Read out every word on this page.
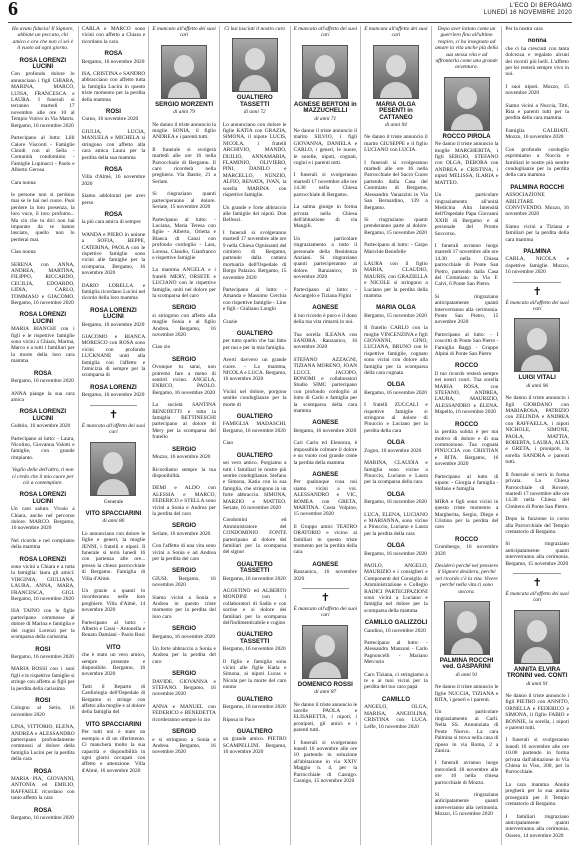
6	L'ECO DI BERGAMO
LUNEDÌ 16 NOVEMBRE 2020
Ho avuto fiducia! Il Signore, abbiate un peccato, chi amico e ora che non ci sei è il vuoto ad ogni giorno.
ROSA LORENZI LUCINI
Con profondo dolore lo annunciano i figli CHIARA, MARINA, MARCO, LUISA, FRANCESCA e LAURA. I funerali si terranno martedì 17 novembre alle ore 10 al Tempio Votivo in Via Matris. Bergamo, 16 novembre 2020
Partecipano al lutto: Lilli Calore Visconti - Famiglie Chiodi con al Sella - Comunità condominio - Famiglie Lupinacci - Paolo e Alberto Gerosa
Cara nonna
le persone non si perdono mai se le hai nel cuore. Puoi perdere la loro presenza, la loro voce, il loro profumo... Ma ciò che tu dici non hai imparato da te hanno lasciato, quello non lo perderai mai.
Ciao nonna
SERENA con ANNA, ANDREA, MARTINA, FILIPPO, RICCARDO, CECILIA, EDOARDO, LIDIA, CARLO, TOMMASO e GIACOMO. Bergamo, 16 novembre 2020
ROSA LORENZI LUCINI
MARIA BIANCHI con i figli e le rispettive famiglie sono vicini a Chiara, Marina, Marco e a tutti i familiari per la morte della loro cara mamma
ROSA
Bergamo, 16 novembre 2020
ANNA piange la sua cara amica
ROSA LORENZI LUCINI
Gubbio, 16 novembre 2020
Partecipano al lutto: - Laura, Nicolino, Giovanna Valotti e famiglie, con grande rimpianto.
Voglio delle dell'altro, ti non ci credo che il mio cuore per ciò a contemplare.
ROSA LORENZI LUCINI
Un caro saluto. Vivaio a Chiara, anche nel percorso dolore. MARCO. Bergamo, 16 novembre 2020
Nel ricordo e nel compianto della mamma
ROSA LORENZI
sono vicini a Chiara e a tutta la famiglia: laura gli amici: VIRGINIA, GIULIANA, LAURA, ANNA, MARA, FRANCESCA, GIGI. Bergamo, 16 novembre 2020
ISA TAINO con le figlie partecipano commosse al dolore di Marina e famiglia e dei cugini Lorenzi per la scomparsa della carissima
ROSI
Bergamo, 16 novembre 2020
MARIA ROSSI con i suoi figli e le rispettive famiglie si stringe con affetto ai figli per la perdita della carissima
ROSI
Cologno al Serio, 16 novembre 2020
LINA, VITTORIO, ELENA, ANDREA e ALESSANDRO partecipano profondamente commossi al dolore della famiglia Lucini per la perdita della cara
ROSA
MARIA PIA, GIOVANNI, ANTONIA ed EMILIO, RAFFAELE ricordano con tanto affetto la cara
ROSA
Bergamo, 16 novembre 2020
CARLA e MARCO sono vicini con affetto a Chiara e ricordano la cara
ROSA
Bergamo, 16 novembre 2020
ISA, CRISTINA e SANDRO abbracciano con affetto tutta la famiglia Lucini in questo triste momento per la perdita della mamma
ROSI
Curno, 16 novembre 2020
GIULIA, LUCIA, MANUELA e MICHELA si stringono con affetto alla cara amica Laura per la perdita della sua mamma
ROSA
Villa d'Almè, 16 novembre 2020
Siamo addolorati per aver perso
ROSA
la più cara amica di sempre
WANDA e PIERO in unione a SOFIA, BEPPE, CATERINA, PAOLA con le rispettive famiglie sono vicini alle famiglie per la scomparsa. Bergamo, 16 novembre 2020
DARIO LORELLA e famiglia ricordano Lucini nel ricordo della loro mamma
ROSA LORENZI LUCINI
Bergamo, 16 novembre 2020
GIACOMO e BIANCA MORESCO con ROSA sono vicini con profondo LUCKNANE uniti alla famiglia con l'affetto e l'amicizia di sempre per la scomparsa di
ROSA LORENZI
Bergamo, 16 novembre 2020
✝
È mancato all'affetto dei suoi cari
Generale
VITO SPACCIARINI
di anni 80
Lo annunciano con dolore le figlie e generi, la moglie JENNI, i fratelli e nipoti. Il funerale si terrà lunedì 16 con partenza alle ore... presso la chiesa parrocchiale di Bergamo. Famiglia di Villa d'Almè.
Un grazie a quanti lo ricorderanno nelle loro preghiere. Villa d'Almè, 14 novembre 2020
Partecipano al lutto: - Alberto e Cassi - Antonella e Renato Damiani - Paolo Bosi
VITO
che è stato un vero amico, sempre presente e disponibile. Bergamo, 16 novembre 2020
Tutti il Reparto di Cardiologia dell'Ospedale di Bergamo si stringe con affetto alla moglie e al dolore della famiglia del
VITO SPACCIARINI
Per tutti noi è stato un esempio e di un riferimento. Ci mancherà molto la sua capacità e disponibilità in ogni giorni occupati con affetto e attenzione. Villa d'Almè, 16 novembre 2020
È mancato all'affetto dei suoi cari
SERGIO MORZENTI
di anni 79
Ne danno il triste annuncio la moglie SONIA, il figlio ANDREA e i parenti tutti.
Il funerale si svolgerà martedì alle ore 16 nella Parrocchiale di Bergamo. Il caro ricorderà nella preghiera. Via Bastie, 21 a Seriate.
Si ringraziano quanti parteciperanno al dolore. Seriate, 15 novembre 2020
Partecipano al lutto: - Luciana, Maria Teresa con figlie - Alberto, Orietta e Blanca di Canzi con profondo cordoglio - Lara, Lorena, Claudio, Gianfranco e rispettive famiglie
La mamma ANGELA e i fratelli MERY, ORSETE e LUCIANO con le rispettive famiglie, uniti nel dolore per la scomparsa del caro
SERGIO
si stringono con affetto alla moglie Sonia e al figlio Andrea. Bergamo, 16 novembre 2020
Ciao zio
SERGIO
Ovunque tu sarai, non potremo fare a meno di sentirti vicino. ANGELA, ENRICO, PAOLO. Bergamo, 16 novembre 2020
La società SANTINA BENEDETTI e tutta la famiglia BETTINESCHI partecipano al dolore di Mery per la scomparsa del fratello
SERGIO
Mozzo, 16 novembre 2020
Ricordiamo sempre la tua disponibilità.
DEMI e ALDO con ALESSIA e MARCO, FEDERICO e STELLA sono vicini a Sonia e Andrea per la perdita del caro
SERGIO
Seriate, 16 novembre 2020
Con l'affetto di una vita sono vicini a Sonia e ad Andrea per la perdita del caro
SERGIO
GIUSI. Bergamo, 16 novembre 2020
Siamo vicini a Sonia e Andrea in questo triste momento per la perdita del loro caro
SERGIO
Bergamo, 16 novembre 2020
Un forte abbraccio a Sonia e Andrea per la perdita del caro
SERGIO
DAVIDE, GIOVANNA e STEFANO. Bergamo, 16 novembre 2020
ANNA e MANUEL con FEDERICO e BENEDETTA ricorderanno sempre lo zio
SERGIO
e si stringono a Sonia e Andrea. Bergamo, 16 novembre 2020
Ci hai lasciati il nostro caro
GUALTIERO TASSETTI
di anni 72
Lo annunciano con dolore le figlie KATIA con GRAZIA, SIMONA, il nipote LUCIS, NICOLA, i fratelli ARCHIVIO, MANDO, DUILIO, ANNAMARIA, FLAMINIO, OLIVIERO, PINI, DANILO e MARCELLO, NUNZIO, ALFIO, RENATA, IVAN, la sorella MARINA con rispettive famiglie.
Un grande e forte abbraccio alle famiglie dei nipoti. Don Bellusci.
I funerali si svolgeranno martedì 17 novembre alle ore 9 nella Chiesa Ognissanti del cimitero di Bergamo, partendo dalla camera mortuaria dell'Ospedale di Borgo Palazzo. Bergamo, 15 novembre 2020
Partecipano al lutto: - Amanda e Massimo Cerchia con rispettive famiglie - Lino e figli - Giuliano Longhi
Grazie
GUALTIERO
per tutto quello che hai fatto per noi e per la mia famiglia.
Averti davvero un grande cuore. - La mamma, NICOLA e LUCA. Bergamo, 16 novembre 2020
Vicini nel dolore, porgono sentite condoglianze per la morte di
GUALTIERO
FAMIGLIA MADASCHI. Bergamo, 16 novembre 2020
Ciao
GUALTIERO
sei vero amico. Porgiamo a tutti i familiari le nostre più sentite condoglianze. Stefano e Simona, Katia con la sua famiglia, che stringono in un forte abbraccio. SIMONA, MARZIO e MATTEO. Seriate, 16 novembre 2020
Condomini ed Amministratore del CONDOMINIO FONTE partecipano al dolore dei familiari per la scomparsa del signor
GUALTIERO TASSETTI
Bergamo, 16 novembre 2020
AGOSTINO ed ALBERTO MONDINI con i collaboratori di Sadin e con sorrise e si dolore dei familiari per la scomparsa dell'indimenticabile e cugino
GUALTIERO TASSETTI
Bergamo, 16 novembre 2020
Il figlio e famiglia sono vicini alle figlie Katia e Simona, ai nipoti Lucas e Nicola per la morte del caro nonno
GUALTIERO
Bergamo, 16 novembre 2020
Riposa in Pace
GUALTIERO
un grande amico. PIETRO SCAMPELLINI. Bergamo, 16 novembre 2020
È mancata all'affetto dei suoi cari
AGNESE BERTONI in MAZZUCHELLI
di anni 71
Ne danno il triste annuncio il marito SILVIO, i figli GIOVANNA, DANIELA e CARLO, i generi, le nuore, le sorelle, nipoti, cognati, cugini e i parenti tutti.
I funerali si svolgeranno martedì 17 novembre alle ore 14.30 nella Chiesa parrocchiale di Bergamo.
La salma giunge in forma privata nella Chiesa dell'abitazione di via Mangili.
Un particolare ringraziamento a tutto il personale della Residenza Anziani. Si ringraziano quanti parteciperanno al dolore. Ranzanico, 16 novembre 2020
Partecipano al lutto: - Arcangelo e Tiziana Figini
AGNESE
il tuo ricordo è puro e il dono della tua vita rimarrà in noi.
Tua sorella ILEANA con SANDRA. Ranzanico, 16 novembre 2020
STEFANO AZZAGNI, TIZIANA MORENO, JOAN LUCCI, JACOPO, BONOMI e collaboratori Studio SIMC partecipano con profondo cordoglio al lutto di Carlo e famiglia per la scomparsa della cara mamma
AGNESE
Bergamo, 16 novembre 2020
Cari Carlo ed Eleonora, è impossibile colmare il dolore e un vuoto così grande come la perdita della mamma
AGNESE
Per qualunque cosa noi siamo vicini a voi. ALESSANDRO e VIC, ROMEA con GRETA, MARTINA. Costa Volpino, 15 novembre 2020
Il Gruppo amici TEATRO ORATORIO e vicino ai familiari in questo triste momento per la perdita della cara
AGNESE
Ranzanico, 16 novembre 2020
✝
È mancato all'affetto dei suoi cari
DOMENICO ROSSI
di anni 87
Ne danno il triste annuncio le sorelle PAOLA e ELISABETTA, i nipoti, i pronipoti, gli amici e i parenti tutti.
I funerali si svolgeranno lunedì 16 novembre alle ore 10 partendo in soluzione all'abitazione in via XXIV Maggio n. 4, per la Parrocchiale di Casnigo. Casnigo, 15 novembre 2020
È mancata all'affetto dei suoi cari
MARIA OLGA PESENTI in CATTANEO
di anni 94
Ne danno il triste annuncio il marito GIUSEPPE e il figlio LUCIANO con LUCIA.
I funerali si svolgeranno martedì alle ore 16 nella Parrocchiale del Sacro Cuore partendo dalla Casa del Commiato di Bergamo, Alessandro Vanazzini in Via San Bernardino, 139 a Bergamo.
Si ringraziano quanti prenderanno parte al dolore. Bergamo, 15 novembre 2020
Partecipano al lutto: - Carpo Maricide Bennfelle
LAURA con il figlio MARIA, CLAUDIO, MAURIS, con GRAZIELLA e NICOLE si stringono a Luciano per la perdita della mamma
MARIA OLGA
Bergamo, 15 novembre 2020
Il fratello CARLO con la moglie VINCENZINA e figli GIOVANNI, GINO, LUCIANA, BRUNO con le rispettive famiglie, cognato sono vicini con dolore alla famiglia per la scomparsa della cara cognata
OLGA
Bergamo, 16 novembre 2020
I fratelli ZUCCALI e rispettive famiglie si stringono al dolore di Pinuccio e Luciano per la perdita della cara
OLGA
Zogno, 16 novembre 2020
MARINA, CLAUDIA e famiglia sono vicine a Pinuccio, Luciano e Laura per la scomparsa della cara
OLGA
Bergamo, 16 novembre 2020
LUCA, ELENA, LUCIANO e MARIANNA, sono vicine a Pinuccio, Luciano e Laura per la perdita della cara
OLGA
Bergamo, 16 novembre 2020
PAOLO, ANGELO, MAURIZIO e i consiglieri e Componenti del Consiglio di Amministrazione e Collegio RADICI PARTECIPAZIONI sono vicini a Luciano e famiglia nel dolore per la scomparsa della mamma
CAMILLO GALIZZOLI
Gandino, 16 novembre 2020
Partecipano al lutto: - Alessandro Manzoni - Carlo Pagnoncelli - Mariano Mercurio
Caro Tiziana, ci stringiamo a te e ai tuoi vicini per la perdita del tuo caro papà
CAMILLO
ANGELO, OLGA, MARISA, ANGIOLINA, CRISTINA con LUCA. Leffe, 16 novembre 2020
Dopo aver lottato come un guerriero fino all'ultimo respiro, ci ha insegnato ad amare la vita anche più della sua stessa vita e ad affrontarla come una grande avventura.
ROCCO PIROLA
Ne danno il triste annuncio la moglie MARGHERITA, i figli SERGIO, STEFANO con OLGA, DEBORA con ANDREA e CRISTINA, i nipoti MELISSA, ILARIA e MATTEO.
Un particolare ringraziamento all'unità Medicina Alta Intensità dell'Ospedale Papa Giovanni XXIII di Bergamo e al personale del Pronto Soccorso.
I funerali avranno luogo martedì 17 novembre alle ore 14.30 nella Chiesa parrocchiale di Ponte San Pietro, partendo dalla Casa del Commiato in Via F. Calvi, 6 Ponte San Pietro.
Si ringraziano anticipatamente quanti interverranno alla cerimonia. Ponte San Pietro, 15 novembre 2020
Partecipano al lutto: - I coscritti di Ponte San Pietro - Famiglia Baggi - Gruppo Alpini di Ponte San Pietro
ROCCO
Il tuo ricordo resterà sempre nei nostri cuori. Tua sorella MARIA ROSA, con STEFANO, ANDREA, LAURA, MAURIZIO, ALESSANDRO e ELENA. Mapello, 16 novembre 2020
ROCCO
la perdita subita è per noi motivo di dolore e di sua commozione. Tua cognata PINUCCIA con CRISTIAN e RITA. Bergamo, 16 novembre 2020
Partecipano al lutto di nipote: - Giorgia e famiglia - Stefano e famiglia
MIRA e figli sono vicini in questo triste momento a Margherita, Sergio, Diego e Cristina per la perdita del caro
ROCCO
Grumbergo, 16 novembre 2020
Desiderò perché nel pensiero il Signore desidera, perché nel ricordo c'è la vita. Vivere perché nella vita ci sono ancora.
PALMINA ROCCHI ved. GASPARINI
di anni 91
Ne danno il triste annuncio le figlie NUCCIA, TIZIANA e RITA, i generi e i parenti.
Un particolare ringraziamento ai Carli. Nella SS. Annunziata di Ponte Nuovo. La cara Palmina si trova nella casa di riposo in via Roma, 2 a Zanica.
I funerali avranno luogo mercoledì 18 novembre alle ore 10 nella chiesa parrocchiale di Mozzo.
Si ringraziano anticipatamente quanti interverranno alla cerimonia. Mozzo, 15 novembre 2020
Per la nostra cara
nonna
che ci ha cresciuti con tanta dolcezza e regalato alcuni dei ricordi più belli. L'affetto per lei resterà sempre vivo in noi.
I suoi nipoti. Mozzo, 15 novembre 2020
Siamo vicini a Nuccia, Titti, Rita e parenti tutti per la perdita della cara mamma.
Famiglia GALBIATI. Mozzo, 16 novembre 2020
Con profondo cordoglio esprimiamo a Nuccia e familiari le nostre più sentite condoglianze per la perdita della cara mamma
PALMINA ROCCHI
ASSOCIAZIONE ABILITARE CONVIVENDO. Mozzo, 16 novembre 2020
Siamo vicini a Tiziana e familiari per la perdita della cara mamma
PALMINA
CARLA, NICOLA e rispettive famiglie. Mozzo, 16 novembre 2020
✝
È mancato all'affetto dei suoi cari
LUIGI VITALI
di anni 96
Ne danno il triste annuncio i figli GIORDANO con MARIAROSA, PATRIZIO con ZELINDA e ANDREA con RAFFAELLA, i nipoti NICHOLE, SIMONE, PAOLA, MATTIA, ROBERTA, LAURA, ALEX e GRETA, i pronipoti, la sorella SANDRA e parenti tutti.
Il funerale si terrà in forma privata. La Chiesa Parrocchiale di Rovarè, martedì 17 novembre alle ore 14.30 nella Chiesa del Cimitero di Ponte San Pietro.
Dopo la funzione in corso alla Parrocchiale del Tempio crematorio di Bergamo.
Si ringraziano anticipatamente quanti interverranno alla cerimonia. Bergamo, 15 novembre 2020
✝
È mancata all'affetto dei suoi cari
ANNITA ELVIRA TRONINI ved. CONTI
di anni 91
Ne danno il triste annuncio i figli PIETRO con ANNITO, ORNELLA e FEDERICO e SIMONA, il figlio FABIO e BONNIE, la sorella, i nipoti e parenti tutti.
I funerali si svolgeranno lunedì 16 novembre alle ore 10.00 partendo in forma privata dall'abitazione in Via Chiesa in Viso, 200, per la Parrocchiale.
La cara mamma Annita pregherà per la sua anima proseguirà per il Tempio crematorio di Bergamo.
I familiari ringraziano anticipatamente quanti interverranno alla cerimonia. Ossero, 14 novembre 2020
